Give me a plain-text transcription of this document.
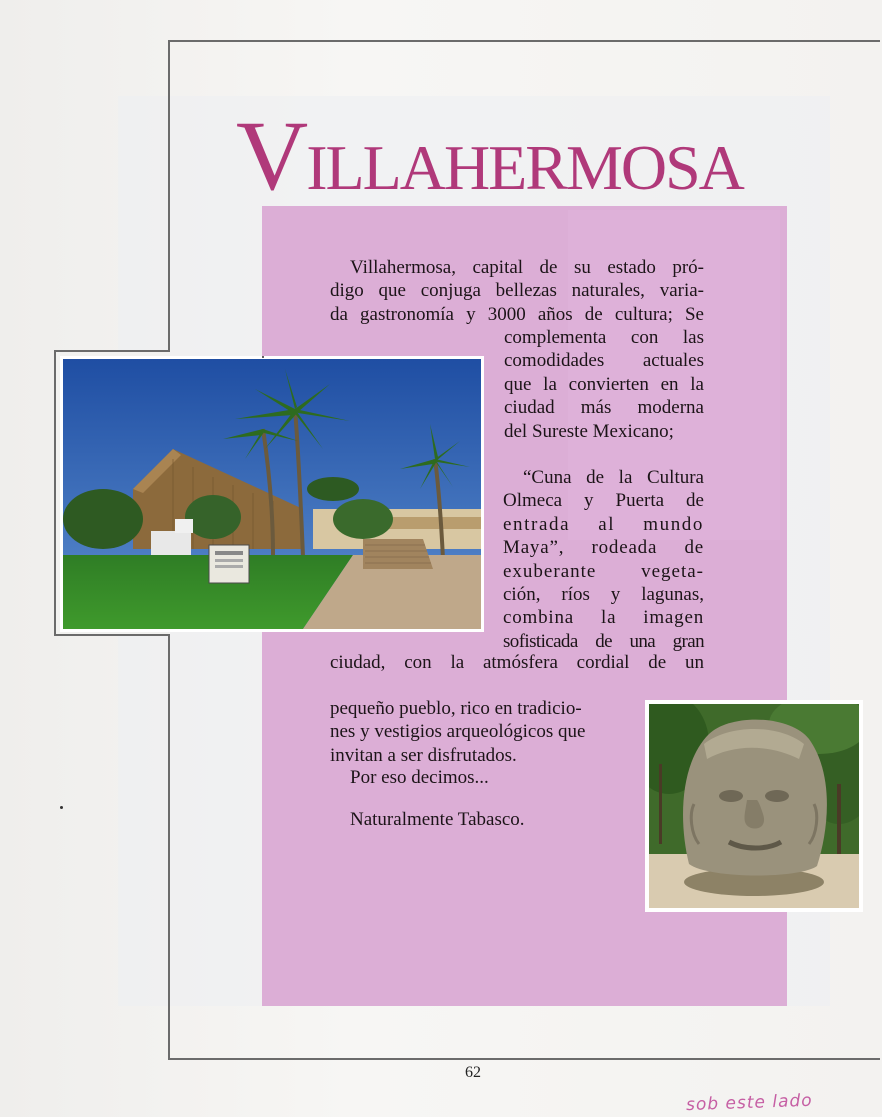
VILLAHERMOSA
Villahermosa, capital de su estado pró-
digo que conjuga bellezas naturales, varia-
da gastronomía y 3000 años de cultura; Se
complementa con las
comodidades actuales
que la convierten en la
ciudad más moderna
del Sureste Mexicano;
“Cuna de la Cultura
Olmeca y Puerta de
entrada al mundo
Maya”, rodeada de
exuberante vegeta-
ción, ríos y lagunas,
combina la imagen
sofisticada de una gran
ciudad, con la atmósfera cordial de un
pequeño pueblo, rico en tradicio-
nes y vestigios arqueológicos que
invitan a ser disfrutados.
Por eso decimos...
Naturalmente Tabasco.
62
sob este lado
